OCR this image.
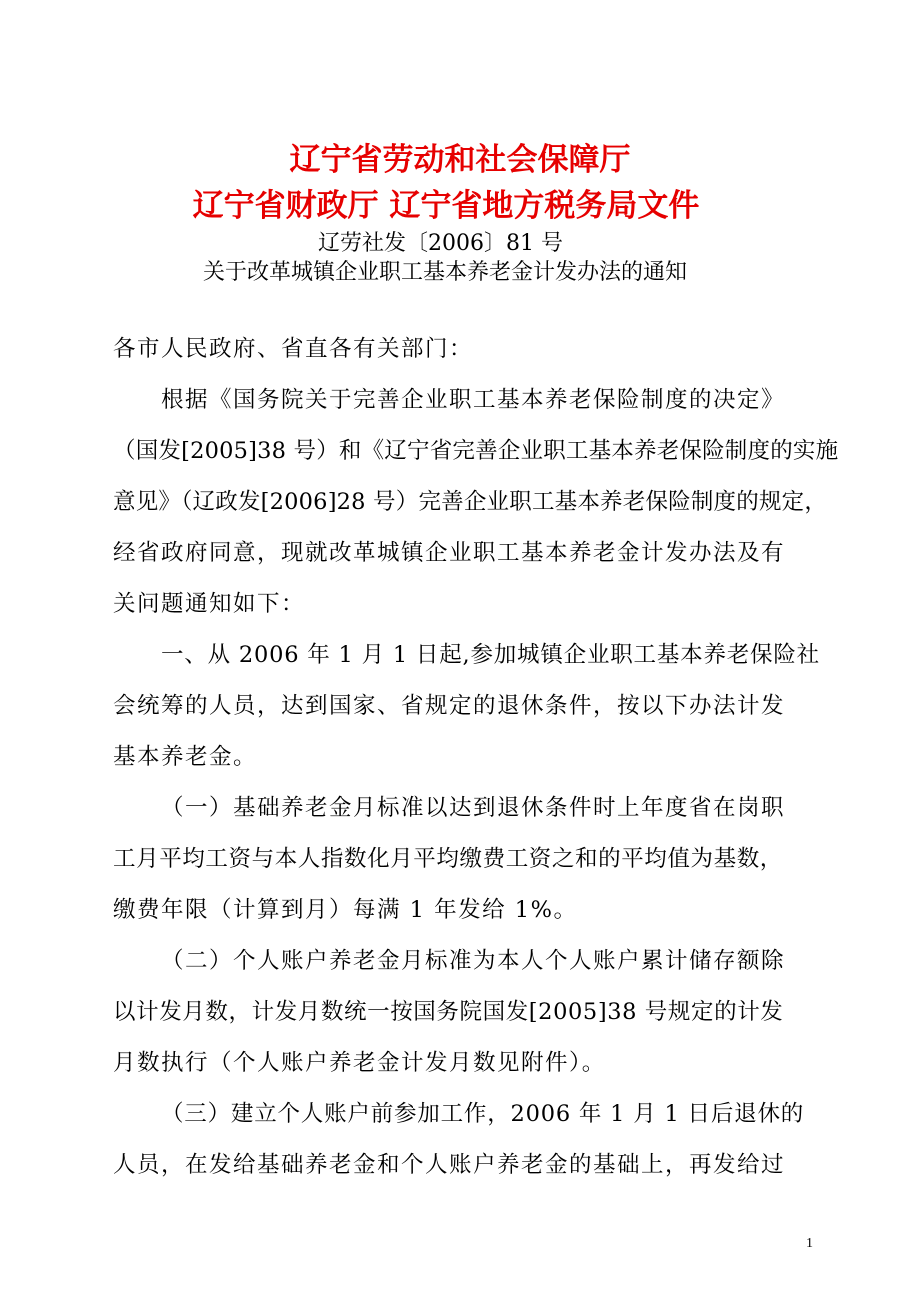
辽宁省劳动和社会保障厅
辽宁省财政厅 辽宁省地方税务局文件
辽劳社发〔2006〕81 号
关于改革城镇企业职工基本养老金计发办法的通知

各市人民政府、省直各有关部门：
根据《国务院关于完善企业职工基本养老保险制度的决定》
（国发[2005]38 号）和《辽宁省完善企业职工基本养老保险制度的实施
意见》（辽政发[2006]28 号）完善企业职工基本养老保险制度的规定，
经省政府同意，现就改革城镇企业职工基本养老金计发办法及有
关问题通知如下：
一、从 2006 年 1 月 1 日起,参加城镇企业职工基本养老保险社
会统筹的人员，达到国家、省规定的退休条件，按以下办法计发
基本养老金。
（一）基础养老金月标准以达到退休条件时上年度省在岗职
工月平均工资与本人指数化月平均缴费工资之和的平均值为基数，
缴费年限（计算到月）每满 1 年发给 1%。
（二）个人账户养老金月标准为本人个人账户累计储存额除
以计发月数，计发月数统一按国务院国发[2005]38 号规定的计发
月数执行（个人账户养老金计发月数见附件）。
（三）建立个人账户前参加工作，2006 年 1 月 1 日后退休的
人员，在发给基础养老金和个人账户养老金的基础上，再发给过

1
